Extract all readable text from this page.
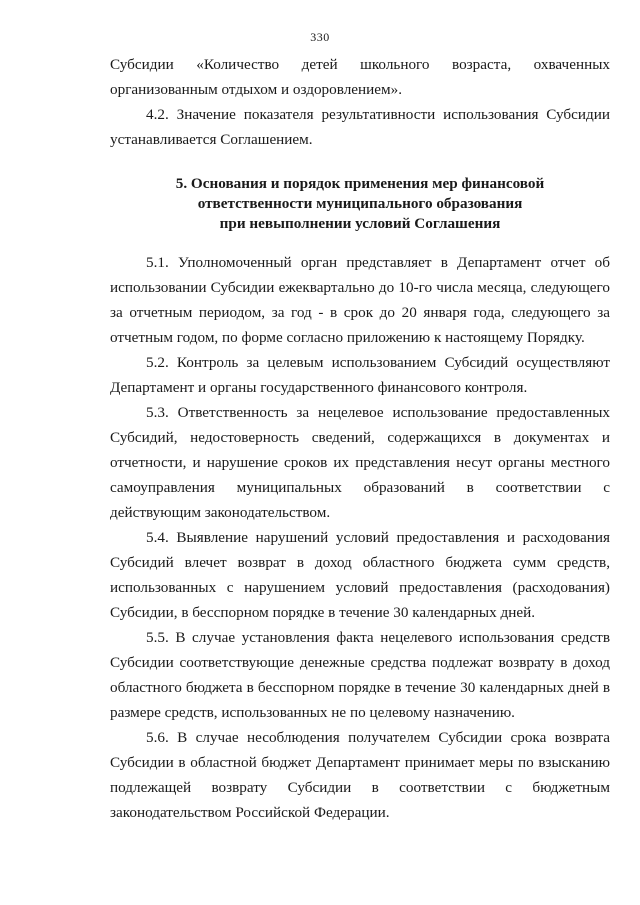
330

Субсидии «Количество детей школьного возраста, охваченных

организованным отдыхом и оздоровлением».

4.2. Значение показателя результативности использования Субсидии устанавливается Соглашением.

5. Основания и порядок применения мер финансовой
ответственности муниципального образования
при невыполнении условий Соглашения

5.1. Уполномоченный орган представляет в Департамент отчет об использовании Субсидии ежеквартально до 10-го числа месяца, следующего за отчетным периодом, за год - в срок до 20 января года, следующего за отчетным годом, по форме согласно приложению к настоящему Порядку.

5.2. Контроль за целевым использованием Субсидий осуществляют Департамент и органы государственного финансового контроля.

5.3. Ответственность за нецелевое использование предоставленных Субсидий, недостоверность сведений, содержащихся в документах и отчетности, и нарушение сроков их представления несут органы местного самоуправления муниципальных образований в соответствии с действующим законодательством.

5.4. Выявление нарушений условий предоставления и расходования Субсидий влечет возврат в доход областного бюджета сумм средств, использованных с нарушением условий предоставления (расходования) Субсидии, в бесспорном порядке в течение 30 календарных дней.

5.5. В случае установления факта нецелевого использования средств Субсидии соответствующие денежные средства подлежат возврату в доход областного бюджета в бесспорном порядке в течение 30 календарных дней в размере средств, использованных не по целевому назначению.

5.6. В случае несоблюдения получателем Субсидии срока возврата Субсидии в областной бюджет Департамент принимает меры по взысканию подлежащей возврату Субсидии в соответствии с бюджетным законодательством Российской Федерации.
